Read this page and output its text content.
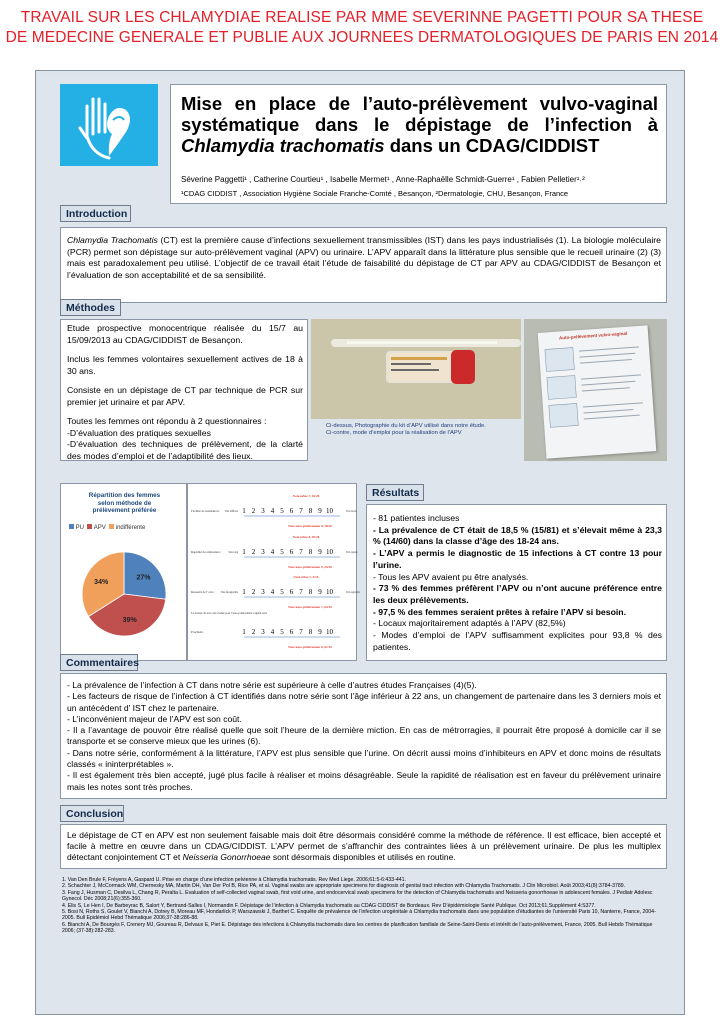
TRAVAIL SUR LES CHLAMYDIAE REALISE PAR MME SEVERINNE PAGETTI POUR SA THESE
DE MEDECINE GENERALE ET PUBLIE AUX JOURNEES DERMATOLOGIQUES DE PARIS EN 2014
Mise en place de l’auto-prélèvement vulvo-vaginal systématique dans le dépistage de l’infection à Chlamydia trachomatis dans un CDAG/CIDDIST
Séverine Paggetti¹ , Catherine Courtieu¹ , Isabelle Mermet¹ , Anne-Raphaëlle Schmidt-Guerre¹ , Fabien Pelletier¹˒²
¹CDAG CIDDIST , Association Hygiène Sociale Franche-Comté , Besançon, ²Dermatologie, CHU, Besançon, France
Chlamydia Trachomatis (CT) est la première cause d’infections sexuellement transmissibles (IST) dans les pays industrialisés (1). La biologie moléculaire (PCR) permet son dépistage sur auto-prélèvement vaginal (APV) ou urinaire. L’APV apparaît dans la littérature plus sensible que le recueil urinaire (2) (3) mais est paradoxalement peu utilisé. L’objectif de ce travail était l’étude de faisabilité du dépistage de CT par APV au CDAG/CIDDIST de Besançon et l’évaluation de son acceptabilité et de sa sensibilité.
Introduction
Etude prospective monocentrique réalisée du 15/7 au 15/09/2013 au CDAG/CIDDIST de Besançon.
Inclus les femmes volontaires sexuellement actives de 18 à 30 ans.
Consiste en un dépistage de CT par technique de PCR sur premier jet urinaire et par APV.
Toutes les femmes ont répondu à 2 questionnaires :
-D’évaluation des pratiques sexuelles
-D’évaluation des techniques de prélèvement, de la clarté des modes d’emploi et de l’adaptibilité des lieux.
Méthodes
Ci-dessus, Photographie du kit d’APV utilisé dans notre étude.
Ci-contre, mode d’emploi pour la réalisation de l’APV
Auto-prélèvement vulvo-vaginal
Répartition des femmes
selon méthode de
prélèvement préférée
PU APV indifférente
27%
39%
34%
Facilité de réalisation : Très difficile	Très facile
1 2 3 4 5 6 7 8 9 10
Note urine 7, 16/20
Note auto-prélèvement 8, 18/20
Rapidité de réalisation :	Très long	Très rapide
1 2 3 4 5 6 7 8 9 10
Note urine 8, 36/20
Note auto-prélèvement 9, 25/20
Ressenti de l’acte : Très désagréable	Très agréable
1 2 3 4 5 6 7 8 9 10
Note urine 7, 4/10
Note auto-prélèvement 7, 64/10
Prochain :	1 2 3 4 5 6 7 8 9 10
Note auto-prélèvement 8, 61/10
Le dossier du test a été évalué pour l’auto-prélèvement vaginal seul.
- 81 patientes incluses
- La prévalence de CT était de 18,5 % (15/81) et s’élevait même à 23,3 % (14/60) dans la classe d’âge des 18-24 ans.
- L’APV a permis le diagnostic de 15 infections à CT contre 13 pour l’urine.
- Tous les APV avaient pu être analysés.
- 73 % des femmes préfèrent l’APV ou n’ont aucune préférence entre les deux prélèvements.
- 97,5 % des femmes seraient prêtes à refaire l’APV si besoin.
- Locaux majoritairement adaptés à l’APV (82,5%)
- Modes d’emploi de l’APV suffisamment explicites pour 93,8 % des patientes.
Résultats
- La prévalence de l’infection à CT dans notre série est supérieure à celle d’autres études Françaises (4)(5).
- Les facteurs de risque de l’infection à CT identifiés dans notre série sont l’âge inférieur à 22 ans, un changement de partenaire dans les 3 derniers mois et un antécédent d’ IST chez le partenaire.
- L’inconvénient majeur de l’APV est son coût.
- Il a l’avantage de pouvoir être réalisé quelle que soit l’heure de la dernière miction. En cas de métrorragies, il pourrait être proposé à domicile car il se transporte et se conserve mieux que les urines (6).
- Dans notre série, conformément à la littérature, l’APV est plus sensible que l’urine. On décrit aussi moins d’inhibiteurs en APV et donc moins de résultats classés « ininterprétables ».
- Il est également très bien accepté, jugé plus facile à réaliser et moins désagréable. Seule la rapidité de réalisation est en faveur du prélèvement urinaire mais les notes sont très proches.
Commentaires
Le dépistage de CT en APV est non seulement faisable mais doit être désormais considéré comme la méthode de référence. Il est efficace, bien accepté et facile à mettre en œuvre dans un CDAG/CIDDIST. L’APV permet de s’affranchir des contraintes liées à un prélèvement urinaire. De plus les multiplex détectant conjointement CT et Neisseria Gonorrhoeae sont désormais disponibles et utilisés en routine.
Conclusion
1. Van Den Brule F, Fréyens A, Gaspard U. Prise en charge d’une infection pelvienne à Chlamydia trachomatis. Rev Med Liege. 2006;61:5-6:433-441.
2. Schachter J, McCormack WM, Chernesky MA, Martin DH, Van Der Pol B, Rice PA, et al. Vaginal swabs are appropriate specimens for diagnosis of genital tract infection with Chlamydia Trachomatis. J Clin Microbiol. Août 2003;41(8):3784-3789.
3. Fang J, Husman C, Desilva L, Chang R, Peralta L. Evaluation of self-collected vaginal swab, first void urine, and endocervical swab specimens for the detection of Chlamydia trachomatis and Neisseria gonorrhoeae in adolescent females. J Pediatr Adolesc Gynecol. Déc 2008;21(6):355-360.
4. Elis S, Le Hen I, De Barbeyrac B, Salort Y, Bertrand-Salles I, Normandin F. Dépistage de l’infection à Chlamydia trachomatis au CDAG CIDDIST de Bordeaux. Rev D’épidémiologie Santé Publique. Oct 2013;61,Supplément 4:S377.
5. Bosi N, Roths S, Goulet V, Bianchi A, Dotrey B, Moreau MF, Hondarlick P, Warszawski J, Barthet C. Enquête de prévalence de l’infection urogénitale à Chlamydia trachomatis dans une population d’étudiantes de l’université Paris 10, Nanterre, France, 2004-2005. Bull Epidémiol Hebd Thématique 2006;37-38:286-88.
6. Bianchi A, De Bourgès F, Crenery MJ, Goureau R, Delvaux E, Piet E. Dépistage des infections à Chlamydia trachomatis dans les centres de planification familiale de Seine-Saint-Denis et intérêt de l’auto-prélèvement, France, 2005. Bull Hebdo Thématique 2006; (37-38):282-283.
